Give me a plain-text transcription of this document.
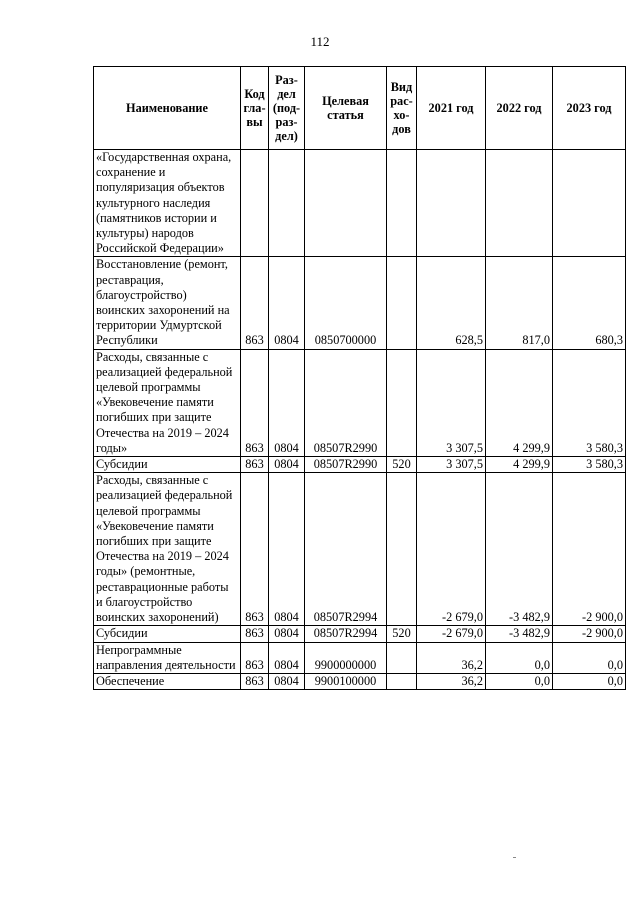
112
Наименование	Код гла- вы	Раз- дел (под- раз- дел)	Целевая статья	Вид рас- хо- дов	2021 год	2022 год	2023 год
«Государственная охрана, сохранение и популяризация объектов культурного наследия (памятников истории и культуры) народов Российской Федерации»							
Восстановление (ремонт, реставрация, благоустройство) воинских захоронений на территории Удмуртской Республики	863	0804	0850700000		628,5	817,0	680,3
Расходы, связанные с реализацией федеральной целевой программы «Увековечение памяти погибших при защите Отечества на 2019 – 2024 годы»	863	0804	08507R2990		3 307,5	4 299,9	3 580,3
Субсидии	863	0804	08507R2990	520	3 307,5	4 299,9	3 580,3
Расходы, связанные с реализацией федеральной целевой программы «Увековечение памяти погибших при защите Отечества на 2019 – 2024 годы» (ремонтные, реставрационные работы и благоустройство воинских захоронений)	863	0804	08507R2994		-2 679,0	-3 482,9	-2 900,0
Субсидии	863	0804	08507R2994	520	-2 679,0	-3 482,9	-2 900,0
Непрограммные направления деятельности	863	0804	9900000000		36,2	0,0	0,0
Обеспечение	863	0804	9900100000		36,2	0,0	0,0
